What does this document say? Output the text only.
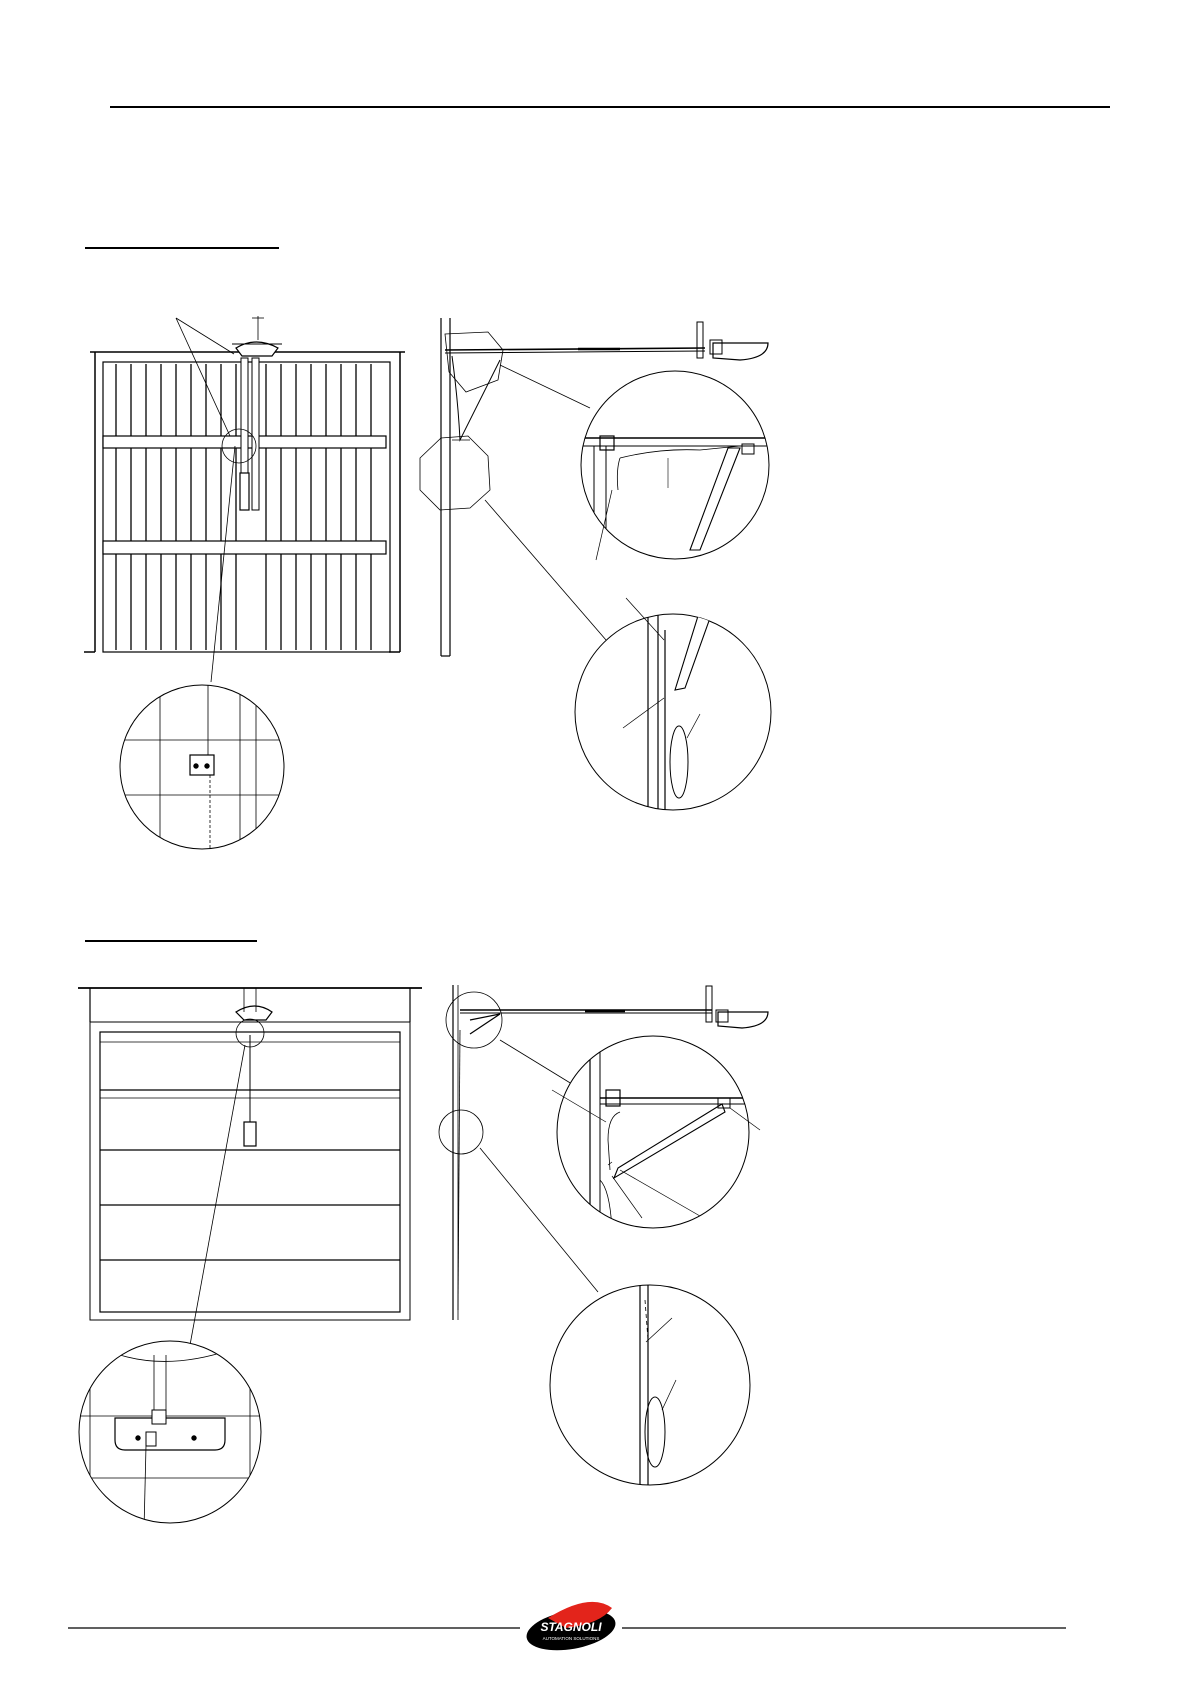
STAGNOLI
AUTOMATION SOLUTIONS
